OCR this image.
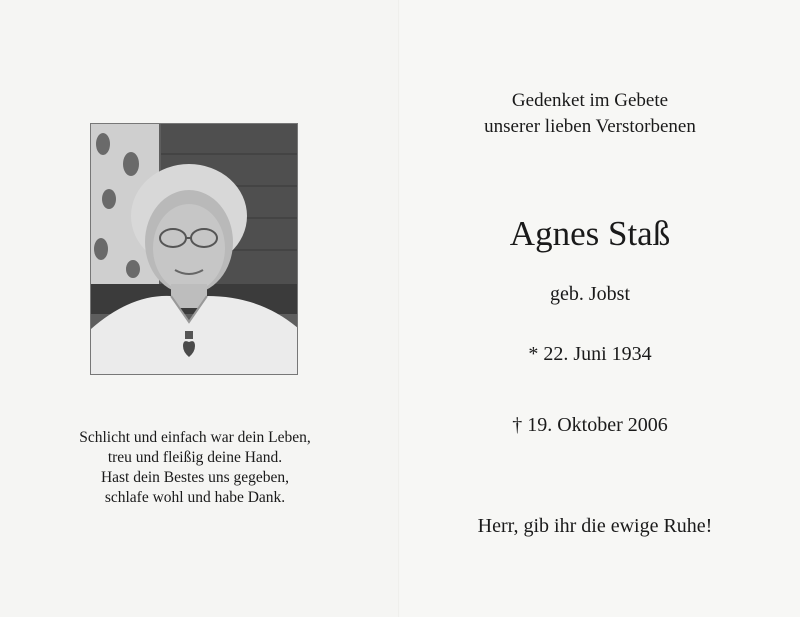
Schlicht und einfach war dein Leben,
treu und fleißig deine Hand.
Hast dein Bestes uns gegeben,
schlafe wohl und habe Dank.
Gedenket im Gebete
unserer lieben Verstorbenen
Agnes Staß
geb. Jobst
* 22. Juni 1934
† 19. Oktober 2006
Herr, gib ihr die ewige Ruhe!
